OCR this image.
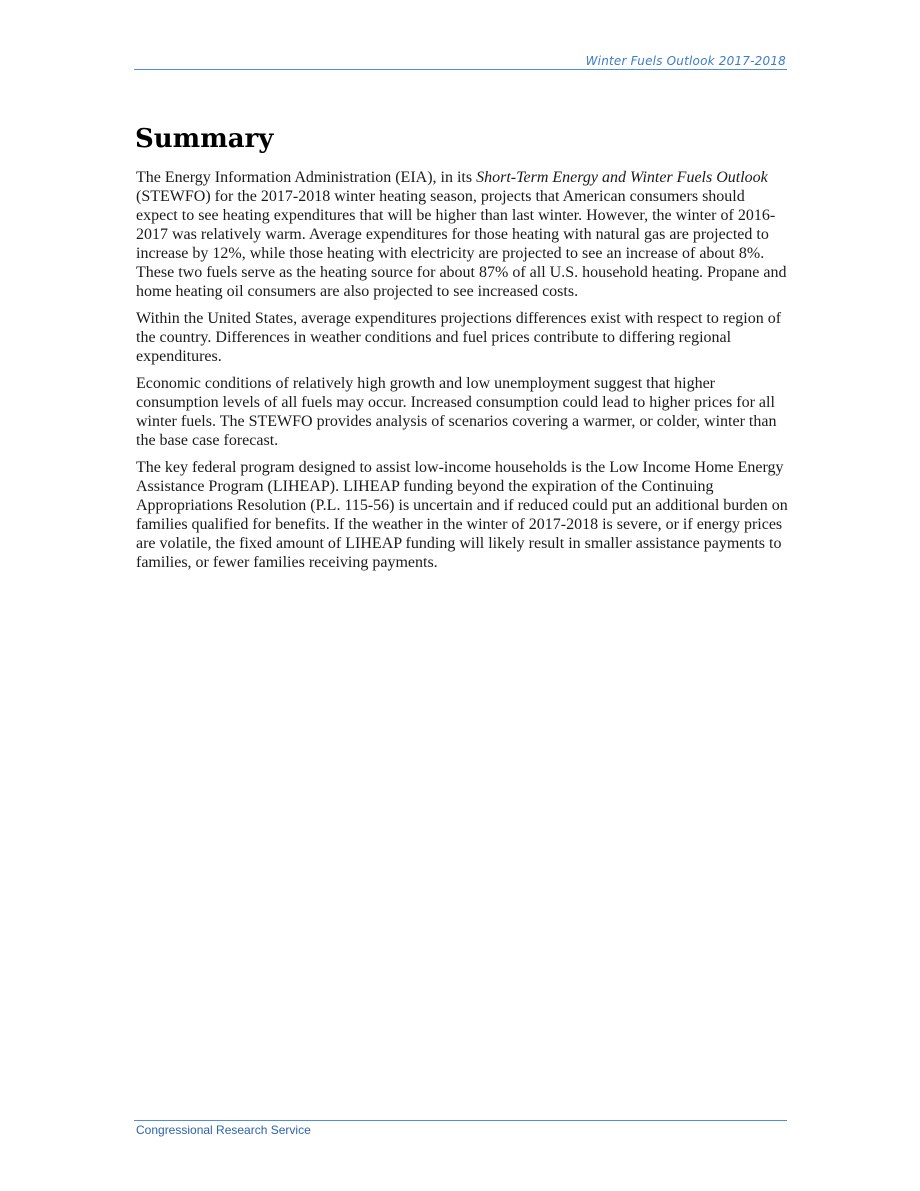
Winter Fuels Outlook 2017-2018
Summary

The Energy Information Administration (EIA), in its Short-Term Energy and Winter Fuels Outlook (STEWFO) for the 2017-2018 winter heating season, projects that American consumers should expect to see heating expenditures that will be higher than last winter. However, the winter of 2016-2017 was relatively warm. Average expenditures for those heating with natural gas are projected to increase by 12%, while those heating with electricity are projected to see an increase of about 8%. These two fuels serve as the heating source for about 87% of all U.S. household heating. Propane and home heating oil consumers are also projected to see increased costs.

Within the United States, average expenditures projections differences exist with respect to region of the country. Differences in weather conditions and fuel prices contribute to differing regional expenditures.

Economic conditions of relatively high growth and low unemployment suggest that higher consumption levels of all fuels may occur. Increased consumption could lead to higher prices for all winter fuels. The STEWFO provides analysis of scenarios covering a warmer, or colder, winter than the base case forecast.

The key federal program designed to assist low-income households is the Low Income Home Energy Assistance Program (LIHEAP). LIHEAP funding beyond the expiration of the Continuing Appropriations Resolution (P.L. 115-56) is uncertain and if reduced could put an additional burden on families qualified for benefits. If the weather in the winter of 2017-2018 is severe, or if energy prices are volatile, the fixed amount of LIHEAP funding will likely result in smaller assistance payments to families, or fewer families receiving payments.

Congressional Research Service
